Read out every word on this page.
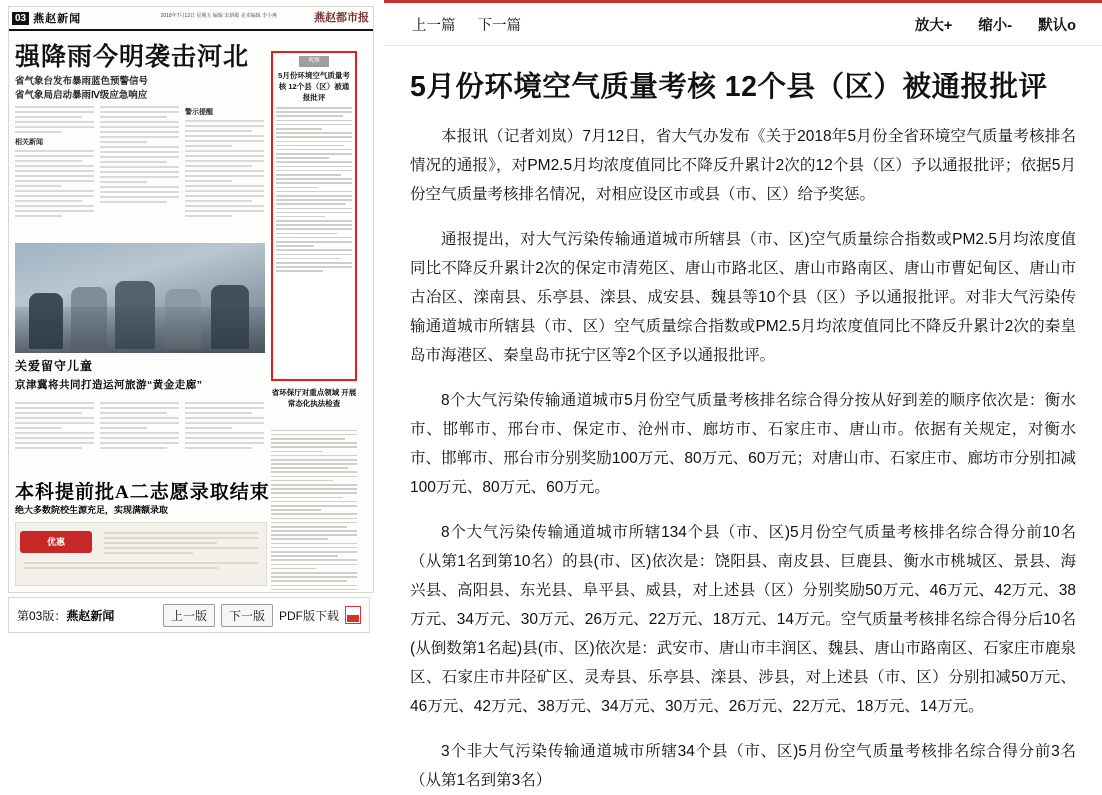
03 燕赵新闻	2018年7月13日 星期五 编辑 宋新敏 美术编辑 李小燕	燕赵都市报
强降雨今明袭击河北
省气象台发布暴雨蓝色预警信号
省气象局启动暴雨Ⅳ级应急响应
相关新闻
警示提醒
关爱留守儿童
京津冀将共同打造运河旅游“黄金走廊”
本科提前批A二志愿录取结束
绝大多数院校生源充足，实现满额录取
优惠
观察
5月份环境空气质量考核 12个县（区）被通报批评
省环保厅对重点领域 开展常态化执法检查
第03版：燕赵新闻	上一版	下一版	PDF版下载
上一篇 下一篇	放大+ 缩小- 默认o
5月份环境空气质量考核 12个县（区）被通报批评

本报讯（记者刘岚）7月12日，省大气办发布《关于2018年5月份全省环境空气质量考核排名情况的通报》，对PM2.5月均浓度值同比不降反升累计2次的12个县（区）予以通报批评；依据5月份空气质量考核排名情况，对相应设区市或县（市、区）给予奖惩。

通报提出，对大气污染传输通道城市所辖县（市、区)空气质量综合指数或PM2.5月均浓度值同比不降反升累计2次的保定市清苑区、唐山市路北区、唐山市路南区、唐山市曹妃甸区、唐山市古冶区、滦南县、乐亭县、滦县、成安县、魏县等10个县（区）予以通报批评。对非大气污染传输通道城市所辖县（市、区）空气质量综合指数或PM2.5月均浓度值同比不降反升累计2次的秦皇岛市海港区、秦皇岛市抚宁区等2个区予以通报批评。

8个大气污染传输通道城市5月份空气质量考核排名综合得分按从好到差的顺序依次是：衡水市、邯郸市、邢台市、保定市、沧州市、廊坊市、石家庄市、唐山市。依据有关规定，对衡水市、邯郸市、邢台市分别奖励100万元、80万元、60万元；对唐山市、石家庄市、廊坊市分别扣减100万元、80万元、60万元。

8个大气污染传输通道城市所辖134个县（市、区)5月份空气质量考核排名综合得分前10名（从第1名到第10名）的县(市、区)依次是：饶阳县、南皮县、巨鹿县、衡水市桃城区、景县、海兴县、高阳县、东光县、阜平县、威县，对上述县（区）分别奖励50万元、46万元、42万元、38万元、34万元、30万元、26万元、22万元、18万元、14万元。空气质量考核排名综合得分后10名(从倒数第1名起)县(市、区)依次是：武安市、唐山市丰润区、魏县、唐山市路南区、石家庄市鹿泉区、石家庄市井陉矿区、灵寿县、乐亭县、滦县、涉县，对上述县（市、区）分别扣减50万元、46万元、42万元、38万元、34万元、30万元、26万元、22万元、18万元、14万元。

3个非大气污染传输通道城市所辖34个县（市、区)5月份空气质量考核排名综合得分前3名（从第1名到第3名）
